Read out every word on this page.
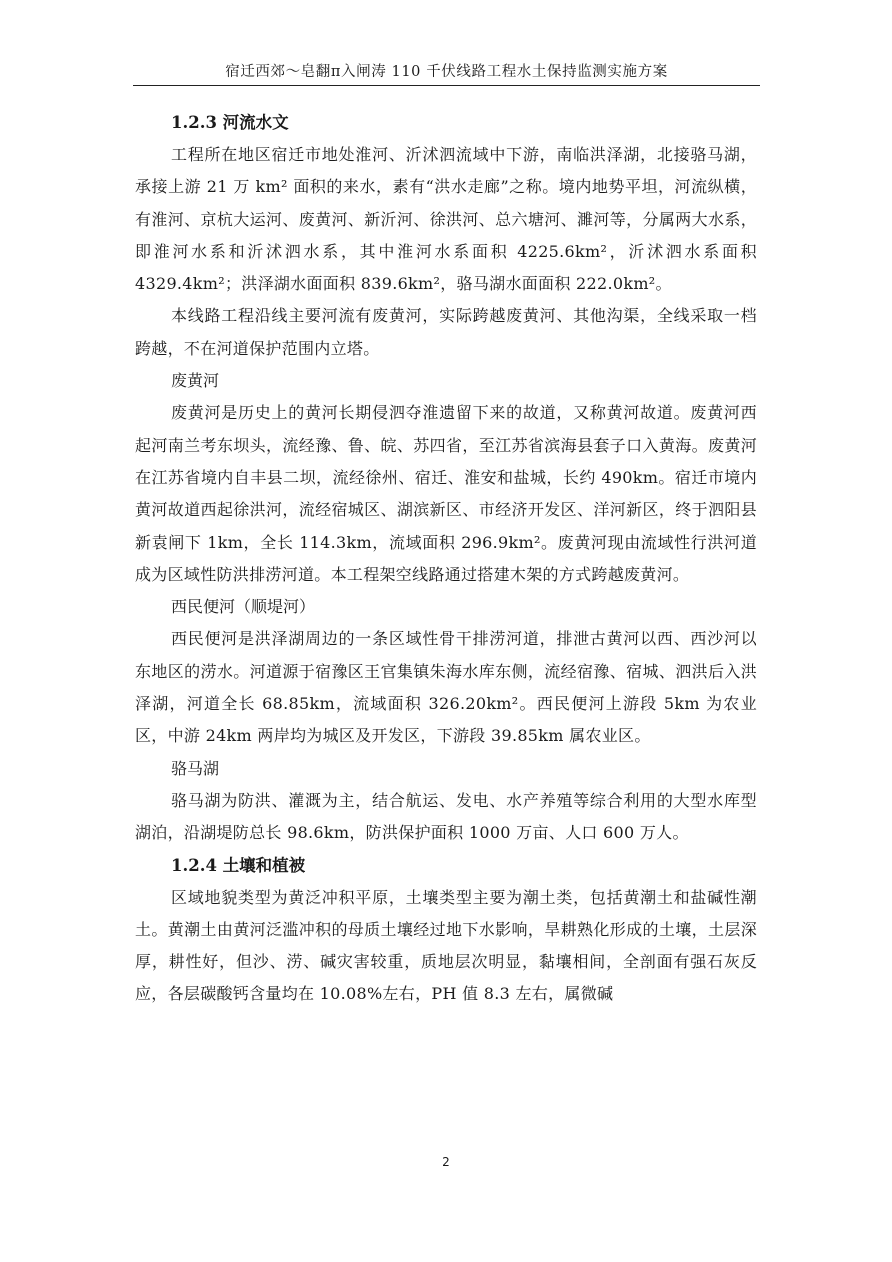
宿迁西郊～皂翻π入闸涛 110 千伏线路工程水土保持监测实施方案
1.2.3 河流水文

工程所在地区宿迁市地处淮河、沂沭泗流域中下游，南临洪泽湖，北接骆马湖，承接上游 21 万 km² 面积的来水，素有“洪水走廊”之称。境内地势平坦，河流纵横，有淮河、京杭大运河、废黄河、新沂河、徐洪河、总六塘河、濉河等，分属两大水系，即淮河水系和沂沭泗水系，其中淮河水系面积 4225.6km²，沂沭泗水系面积 4329.4km²；洪泽湖水面面积 839.6km²，骆马湖水面面积 222.0km²。

本线路工程沿线主要河流有废黄河，实际跨越废黄河、其他沟渠，全线采取一档跨越，不在河道保护范围内立塔。

废黄河

废黄河是历史上的黄河长期侵泗夺淮遗留下来的故道，又称黄河故道。废黄河西起河南兰考东坝头，流经豫、鲁、皖、苏四省，至江苏省滨海县套子口入黄海。废黄河在江苏省境内自丰县二坝，流经徐州、宿迁、淮安和盐城，长约 490km。宿迁市境内黄河故道西起徐洪河，流经宿城区、湖滨新区、市经济开发区、洋河新区，终于泗阳县新袁闸下 1km，全长 114.3km，流域面积 296.9km²。废黄河现由流域性行洪河道成为区域性防洪排涝河道。本工程架空线路通过搭建木架的方式跨越废黄河。

西民便河（顺堤河）

西民便河是洪泽湖周边的一条区域性骨干排涝河道，排泄古黄河以西、西沙河以东地区的涝水。河道源于宿豫区王官集镇朱海水库东侧，流经宿豫、宿城、泗洪后入洪泽湖，河道全长 68.85km，流域面积 326.20km²。西民便河上游段 5km 为农业区，中游 24km 两岸均为城区及开发区，下游段 39.85km 属农业区。

骆马湖

骆马湖为防洪、灌溉为主，结合航运、发电、水产养殖等综合利用的大型水库型湖泊，沿湖堤防总长 98.6km，防洪保护面积 1000 万亩、人口 600 万人。

1.2.4 土壤和植被

区域地貌类型为黄泛冲积平原，土壤类型主要为潮土类，包括黄潮土和盐碱性潮土。黄潮土由黄河泛滥冲积的母质土壤经过地下水影响，旱耕熟化形成的土壤，土层深厚，耕性好，但沙、涝、碱灾害较重，质地层次明显，黏壤相间，全剖面有强石灰反应，各层碳酸钙含量均在 10.08%左右，PH 值 8.3 左右，属微碱

2
